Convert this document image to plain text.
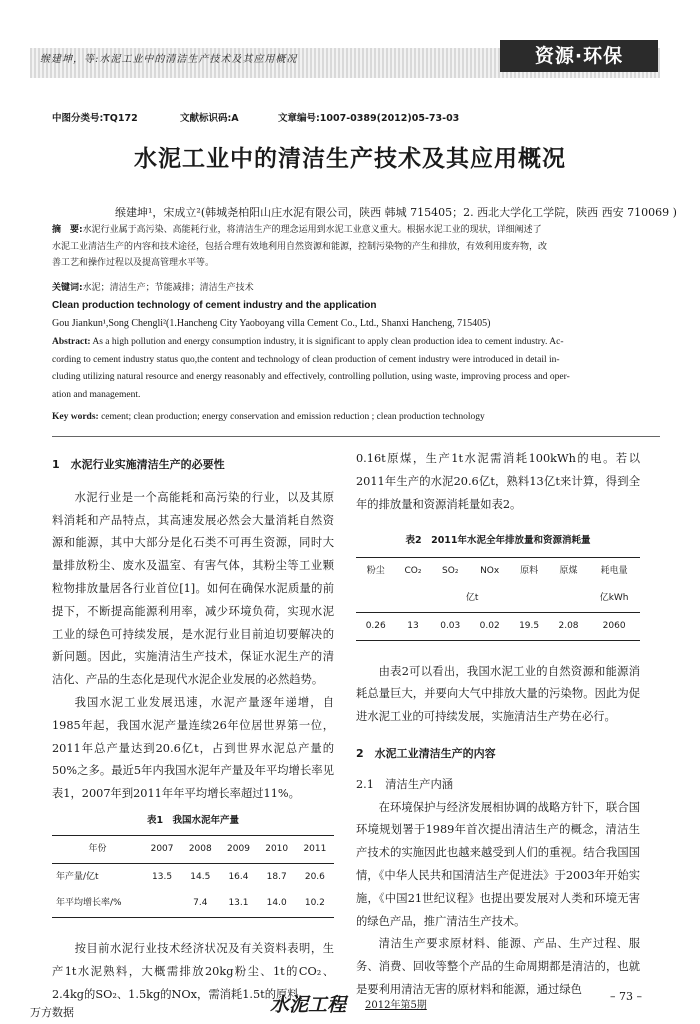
缑建坤，等:水泥工业中的清洁生产技术及其应用概况	资源·环保
中图分类号:TQ172	文献标识码:A	文章编号:1007-0389(2012)05-73-03
水泥工业中的清洁生产技术及其应用概况
缑建坤¹，宋成立²(韩城尧柏阳山庄水泥有限公司，陕西 韩城 715405；2. 西北大学化工学院，陕西 西安 710069 )
摘　要:水泥行业属于高污染、高能耗行业，将清洁生产的理念运用到水泥工业意义重大。根据水泥工业的现状，详细阐述了
水泥工业清洁生产的内容和技术途径，包括合理有效地利用自然资源和能源，控制污染物的产生和排放，有效利用废弃物，改
善工艺和操作过程以及提高管理水平等。
关键词:水泥；清洁生产；节能减排；清洁生产技术
Clean production technology of cement industry and the application
Gou Jiankun¹,Song Chengli²(1.Hancheng City Yaoboyang villa Cement Co., Ltd., Shanxi Hancheng, 715405)
Abstract: As a high pollution and energy consumption industry, it is significant to apply clean production idea to cement industry. Ac-
cording to cement industry status quo,the content and technology of clean production of cement industry were introduced in detail in-
cluding utilizing natural resource and energy reasonably and effectively, controlling pollution, using waste, improving process and oper-
ation and management.
Key words: cement; clean production; energy conservation and emission reduction ; clean production technology
1　水泥行业实施清洁生产的必要性

水泥行业是一个高能耗和高污染的行业，以及其原料消耗和产品特点，其高速发展必然会大量消耗自然资源和能源，其中大部分是化石类不可再生资源，同时大量排放粉尘、废水及温室、有害气体，其粉尘等工业颗粒物排放量居各行业首位[1]。如何在确保水泥质量的前提下，不断提高能源利用率，减少环境负荷，实现水泥工业的绿色可持续发展，是水泥行业目前迫切要解决的新问题。因此，实施清洁生产技术，保证水泥生产的清洁化、产品的生态化是现代水泥企业发展的必然趋势。

我国水泥工业发展迅速，水泥产量逐年递增，自1985年起，我国水泥产量连续26年位居世界第一位，2011年总产量达到20.6亿t，占到世界水泥总产量的50%之多。最近5年内我国水泥年产量及年平均增长率见表1，2007年到2011年年平均增长率超过11%。

表1　我国水泥年产量
年份	2007	2008	2009	2010	2011
年产量/亿t	13.5	14.5	16.4	18.7	20.6
年平均增长率/%		7.4	13.1	14.0	10.2

按目前水泥行业技术经济状况及有关资料表明，生产1t水泥熟料，大概需排放20kg粉尘、1t的CO₂、2.4kg的SO₂、1.5kg的NOx，需消耗1.5t的原料、

0.16t原煤，生产1t水泥需消耗100kWh的电。若以2011年生产的水泥20.6亿t，熟料13亿t来计算，得到全年的排放量和资源消耗量如表2。

表2　2011年水泥全年排放量和资源消耗量
粉尘	CO₂	SO₂	NOx	原料	原煤	耗电量
亿t						亿kWh
0.26	13	0.03	0.02	19.5	2.08	2060

由表2可以看出，我国水泥工业的自然资源和能源消耗总量巨大，并要向大气中排放大量的污染物。因此为促进水泥工业的可持续发展，实施清洁生产势在必行。

2　水泥工业清洁生产的内容
2.1　清洁生产内涵

在环境保护与经济发展相协调的战略方针下，联合国环境规划署于1989年首次提出清洁生产的概念，清洁生产技术的实施因此也越来越受到人们的重视。结合我国国情，《中华人民共和国清洁生产促进法》于2003年开始实施，《中国21世纪议程》也提出要发展对人类和环境无害的绿色产品，推广清洁生产技术。

清洁生产要求原材料、能源、产品、生产过程、服务、消费、回收等整个产品的生命周期都是清洁的，也就是要利用清洁无害的原材料和能源，通过绿色

水泥工程 2012年第5期
– 73 –
万方数据
